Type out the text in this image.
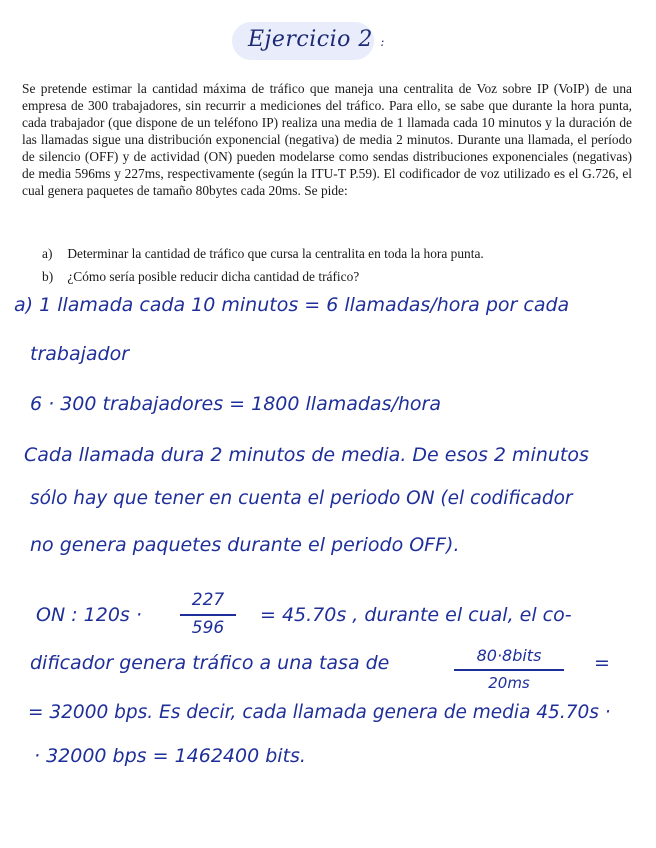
Ejercicio 2 :
Se pretende estimar la cantidad máxima de tráfico que maneja una centralita de Voz sobre IP (VoIP) de una empresa de 300 trabajadores, sin recurrir a mediciones del tráfico. Para ello, se sabe que durante la hora punta, cada trabajador (que dispone de un teléfono IP) realiza una media de 1 llamada cada 10 minutos y la duración de las llamadas sigue una distribución exponencial (negativa) de media 2 minutos. Durante una llamada, el período de silencio (OFF) y de actividad (ON) pueden modelarse como sendas distribuciones exponenciales (negativas) de media 596ms y 227ms, respectivamente (según la ITU-T P.59). El codificador de voz utilizado es el G.726, el cual genera paquetes de tamaño 80bytes cada 20ms. Se pide:
a) Determinar la cantidad de tráfico que cursa la centralita en toda la hora punta.
b) ¿Cómo sería posible reducir dicha cantidad de tráfico?
a) 1 llamada cada 10 minutos = 6 llamadas/hora por cada
trabajador
6 · 300 trabajadores = 1800 llamadas/hora
Cada llamada dura 2 minutos de media. De esos 2 minutos
sólo hay que tener en cuenta el periodo ON (el codificador
no genera paquetes durante el periodo OFF).
ON : 120s ·
227
596
= 45.70s , durante el cual, el co-
dificador genera tráfico a una tasa de	80·8bits
20ms
=
= 32000 bps. Es decir, cada llamada genera de media 45.70s ·
· 32000 bps = 1462400 bits.
